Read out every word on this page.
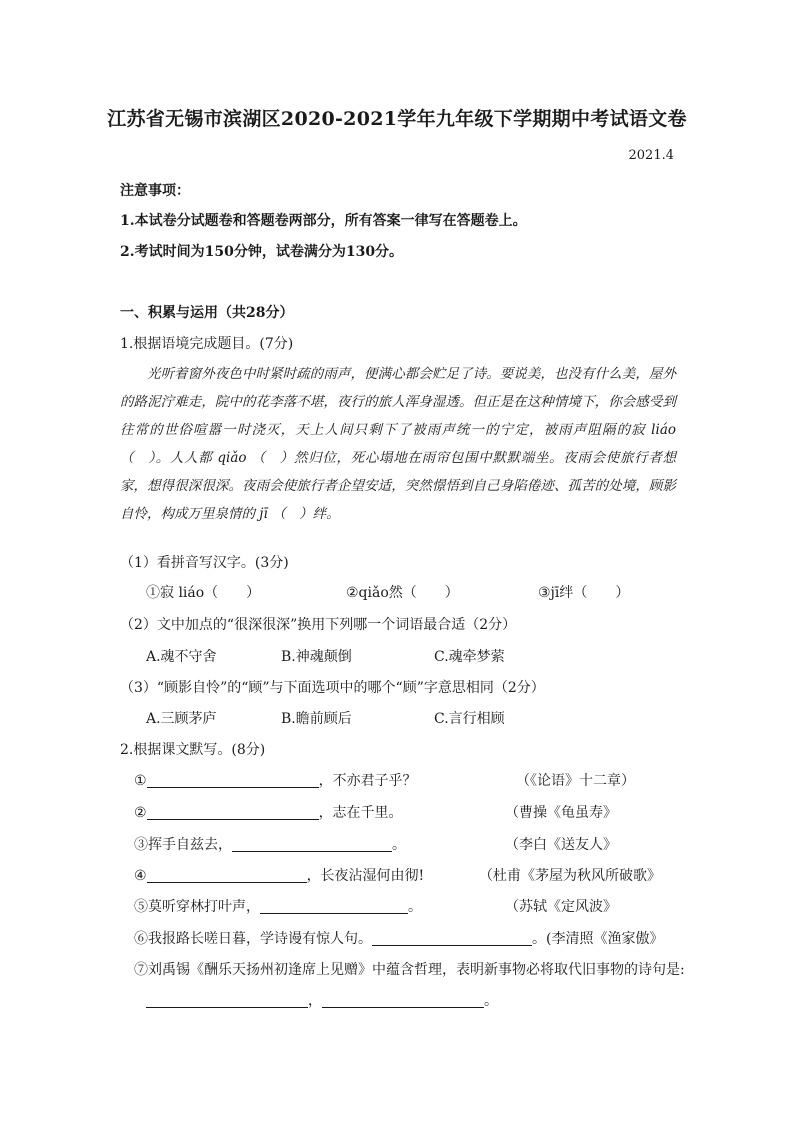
江苏省无锡市滨湖区2020-2021学年九年级下学期期中考试语文卷
2021.4
注意事项：
1.本试卷分试题卷和答题卷两部分，所有答案一律写在答题卷上。
2.考试时间为150分钟，试卷满分为130分。
一、积累与运用（共28分）
1.根据语境完成题目。(7分)
光听着窗外夜色中时紧时疏的雨声，便满心都会贮足了诗。要说美，也没有什么美，屋外的路泥泞难走，院中的花李落不堪，夜行的旅人浑身湿透。但正是在这种情境下，你会感受到往常的世俗喧嚣一时浇灭，天上人间只剩下了被雨声统一的宁定，被雨声阻隔的寂 liáo （　）。人人都 qiǎo （　）然归位，死心塌地在雨帘包围中默默端坐。夜雨会使旅行者想家，想得很深很深。夜雨会使旅行者企望安适，突然憬悟到自己身陷倦迹、孤苦的处境，顾影自怜，构成万里泉情的 jī （　）绊。
（1）看拼音写汉字。(3分)
①寂 liáo（　　）	②qiǎo然（　　）	③jī绊（　　）
（2）文中加点的“很深很深”换用下列哪一个词语最合适（2分）
A.魂不守舍	B.神魂颠倒	C.魂牵梦萦
（3）“顾影自怜”的“顾”与下面选项中的哪个“顾”字意思相同（2分）
A.三顾茅庐	B.瞻前顾后	C.言行相顾
2.根据课文默写。(8分)
①	，不亦君子乎？	（《论语》十二章）
②	，志在千里。	（曹操《龟虽寿》
③挥手自兹去，	。	（李白《送友人》
④	，长夜沾湿何由彻!	（杜甫《茅屋为秋风所破歌》
⑤莫听穿林打叶声，	。	（苏轼《定风波》
⑥我报路长嗟日暮，学诗谩有惊人句。	。(李清照《渔家傲》
⑦刘禹锡《酬乐天扬州初逢席上见赠》中蕴含哲理，表明新事物必将取代旧事物的诗句是:
，	。
